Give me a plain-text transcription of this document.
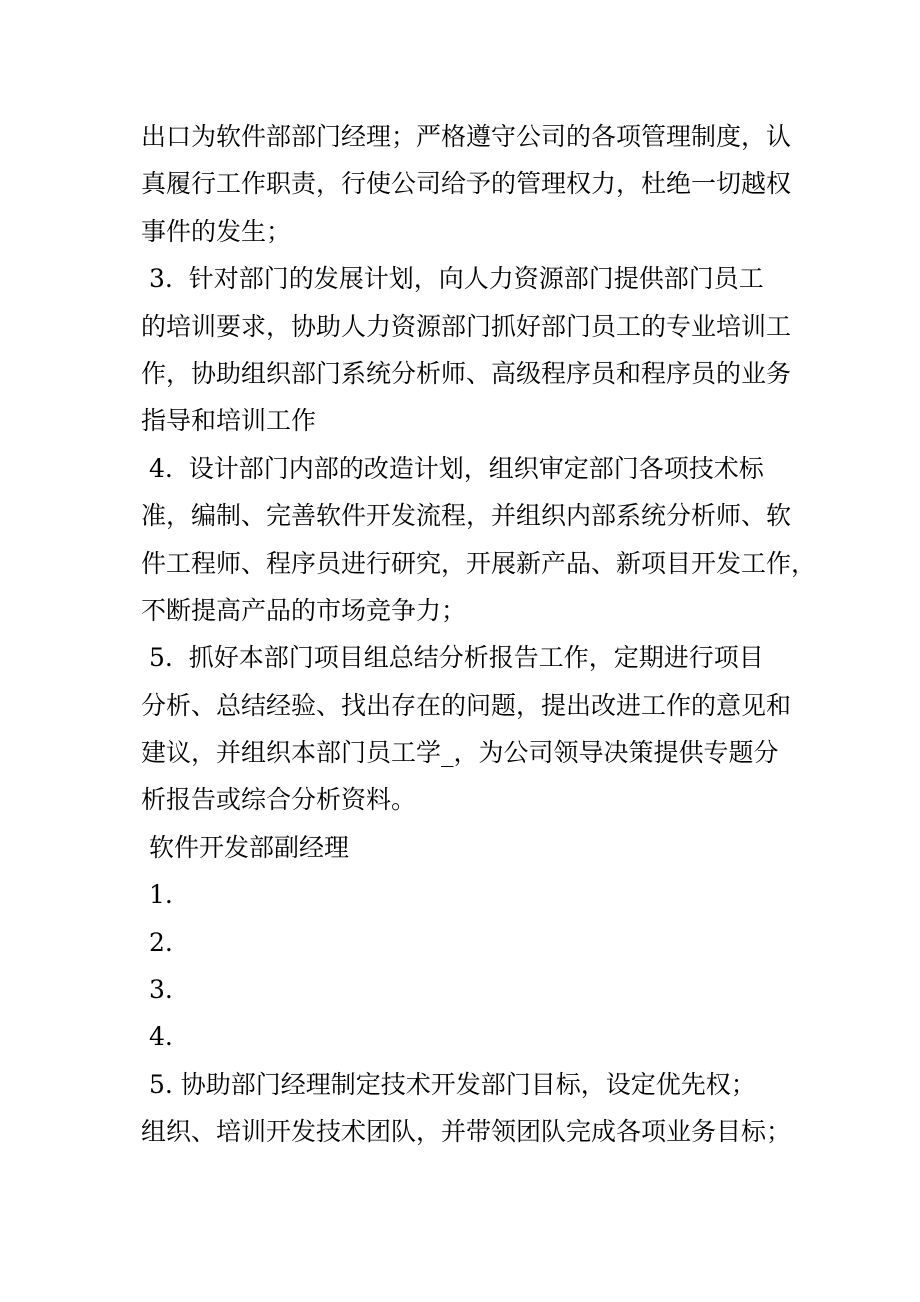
出口为软件部部门经理；严格遵守公司的各项管理制度，认
真履行工作职责，行使公司给予的管理权力，杜绝一切越权
事件的发生；
3.  针对部门的发展计划，向人力资源部门提供部门员工
的培训要求，协助人力资源部门抓好部门员工的专业培训工
作，协助组织部门系统分析师、高级程序员和程序员的业务
指导和培训工作
4.  设计部门内部的改造计划，组织审定部门各项技术标
准，编制、完善软件开发流程，并组织内部系统分析师、软
件工程师、程序员进行研究，开展新产品、新项目开发工作，
不断提高产品的市场竞争力；
5.  抓好本部门项目组总结分析报告工作，定期进行项目
分析、总结经验、找出存在的问题，提出改进工作的意见和
建议，并组织本部门员工学_，为公司领导决策提供专题分
析报告或综合分析资料。
软件开发部副经理
1.
2.
3.
4.
5. 协助部门经理制定技术开发部门目标，设定优先权；
组织、培训开发技术团队，并带领团队完成各项业务目标；
